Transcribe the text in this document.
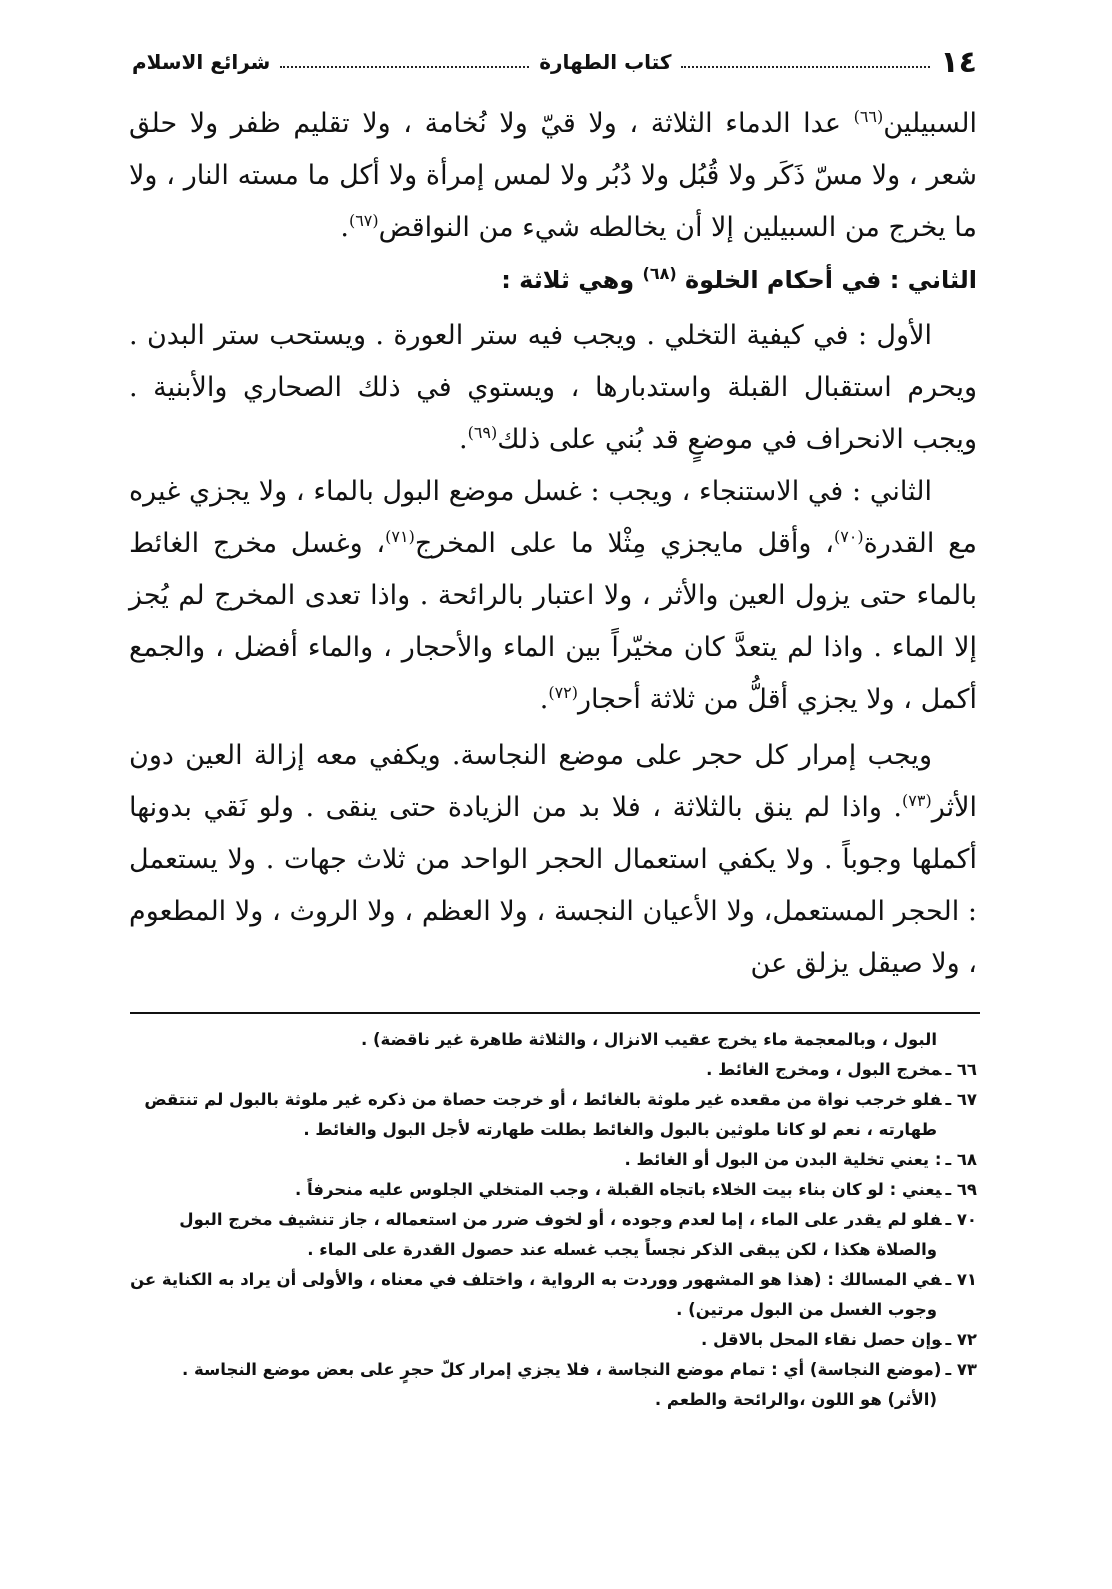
١٤
كتاب الطهارة
شرائع الاسلام

السبيلين$^{(٦٦)}$ عدا الدماء الثلاثة ، ولا قيّ ولا نُخامة ، ولا تقليم ظفر ولا حلق شعر ، ولا مسّ ذَكَر ولا قُبُل ولا دُبُر ولا لمس إمرأة ولا أكل ما مسته النار ، ولا ما يخرج من السبيلين إلا أن يخالطه شيء من النواقض$^{(٦٧)}$.

الثاني : في أحكام الخلوة $^{(٦٨)}$ وهي ثلاثة :

الأول : في كيفية التخلي . ويجب فيه ستر العورة . ويستحب ستر البدن . ويحرم استقبال القبلة واستدبارها ، ويستوي في ذلك الصحاري والأبنية . ويجب الانحراف في موضعٍ قد بُني على ذلك$^{(٦٩)}$.

الثاني : في الاستنجاء ، ويجب : غسل موضع البول بالماء ، ولا يجزي غيره مع القدرة$^{(٧٠)}$، وأقل مايجزي مِثْلا ما على المخرج$^{(٧١)}$، وغسل مخرج الغائط بالماء حتى يزول العين والأثر ، ولا اعتبار بالرائحة . واذا تعدى المخرج لم يُجز إلا الماء . واذا لم يتعدَّ كان مخيّراً بين الماء والأحجار ، والماء أفضل ، والجمع أكمل ، ولا يجزي أقلُّ من ثلاثة أحجار$^{(٧٢)}$.

ويجب إمرار كل حجر على موضع النجاسة. ويكفي معه إزالة العين دون الأثر$^{(٧٣)}$. واذا لم ينق بالثلاثة ، فلا بد من الزيادة حتى ينقى . ولو نَقي بدونها أكملها وجوباً . ولا يكفي استعمال الحجر الواحد من ثلاث جهات . ولا يستعمل : الحجر المستعمل، ولا الأعيان النجسة ، ولا العظم ، ولا الروث ، ولا المطعوم ، ولا صيقل يزلق عن

البول ، وبالمعجمة ماء يخرج عقيب الانزال ، والثلاثة طاهرة غير ناقضة) .

٦٦ ـمخرج البول ، ومخرج الغائط .

٦٧ ـفلو خرجب نواة من مقعده غير ملوثة بالغائط ، أو خرجت حصاة من ذكره غير ملوثة بالبول لم تنتقض

طهارته ، نعم لو كانا ملوثين بالبول والغائط بطلت طهارته لأجل البول والغائط .

٦٨ ـ: يعني تخلية البدن من البول أو الغائط .

٦٩ ـيعني : لو كان بناء بيت الخلاء باتجاه القبلة ، وجب المتخلي الجلوس عليه منحرفاً .

٧٠ ـفلو لم يقدر على الماء ، إما لعدم وجوده ، أو لخوف ضرر من استعماله ، جاز تنشيف مخرج البول

والصلاة هكذا ، لكن يبقى الذكر نجساً يجب غسله عند حصول القدرة على الماء .

٧١ ـفي المسالك : (هذا هو المشهور ووردت به الرواية ، واختلف في معناه ، والأولى أن يراد به الكناية عن

وجوب الغسل من البول مرتين) .

٧٢ ـوإن حصل نقاء المحل بالاقل .

٧٣ ـ(موضع النجاسة) أي : تمام موضع النجاسة ، فلا يجزي إمرار كلّ حجرٍ على بعض موضع النجاسة .

(الأثر) هو اللون ،والرائحة والطعم .
